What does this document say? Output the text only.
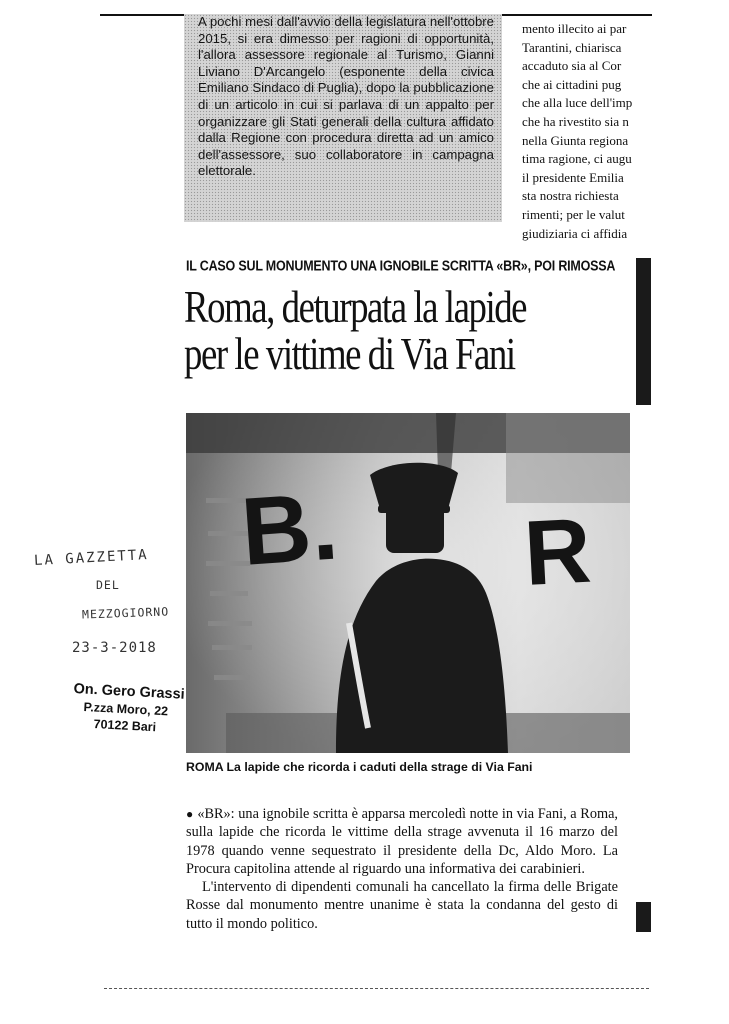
A pochi mesi dall'avvio della legislatura nell'ottobre 2015, si era dimesso per ragioni di opportunità, l'allora assessore regionale al Turismo, Gianni Liviano D'Arcangelo (esponente della civica Emiliano Sindaco di Puglia), dopo la pubblicazione di un articolo in cui si parlava di un appalto per organizzare gli Stati generali della cultura affidato dalla Regione con procedura diretta ad un amico dell'assessore, suo collaboratore in campagna elettorale.
mento illecito ai par
Tarantini, chiarisca
accaduto sia al Cor
che ai cittadini pug
che alla luce dell'imp
che ha rivestito sia n
nella Giunta regiona
tima ragione, ci augu
il presidente Emilia
sta nostra richiesta
rimenti; per le valut
giudiziaria ci affidia
IL CASO SUL MONUMENTO UNA IGNOBILE SCRITTA «BR», POI RIMOSSA
Roma, deturpata la lapide
per le vittime di Via Fani
B. R
ROMA La lapide che ricorda i caduti della strage di Via Fani
LA GAZZETTA
DEL
MEZZOGIORNO
23-3-2018
On. Gero Grassi
P.zza Moro, 22
70122 Bari

● «BR»: una ignobile scritta è apparsa mercoledì notte in via Fani, a Roma, sulla lapide che ricorda le vittime della strage avvenuta il 16 marzo del 1978 quando venne sequestrato il presidente della Dc, Aldo Moro. La Procura capitolina attende al riguardo una informativa dei carabinieri.

L'intervento di dipendenti comunali ha cancellato la firma delle Brigate Rosse dal monumento mentre unanime è stata la condanna del gesto di tutto il mondo politico.
